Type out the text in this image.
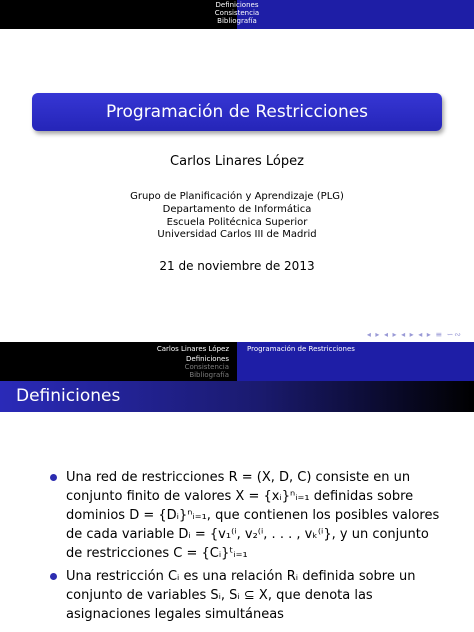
Definiciones
Consistencia
Bibliografía
Programación de Restricciones
Carlos Linares López
Grupo de Planificación y Aprendizaje (PLG)
Departamento de Informática
Escuela Politécnica Superior
Universidad Carlos III de Madrid
21 de noviembre de 2013
◂ ▸ ◂ ▸ ◂ ▸ ◂ ▸ ≡ ∽∾
Carlos Linares López
Definiciones
Consistencia
Bibliografía
Programación de Restricciones
Definiciones
Una red de restricciones R = (X, D, C) consiste en un conjunto finito de valores X = {xᵢ}ⁿᵢ₌₁ definidas sobre dominios D = {Dᵢ}ⁿᵢ₌₁, que contienen los posibles valores de cada variable Dᵢ = {v₁⁽ⁱ, v₂⁽ⁱ, . . . , vₖ⁽ⁱ}, y un conjunto de restricciones C = {Cᵢ}ᵗᵢ₌₁
Una restricción Cᵢ es una relación Rᵢ definida sobre un conjunto de variables Sᵢ, Sᵢ ⊆ X, que denota las asignaciones legales simultáneas
